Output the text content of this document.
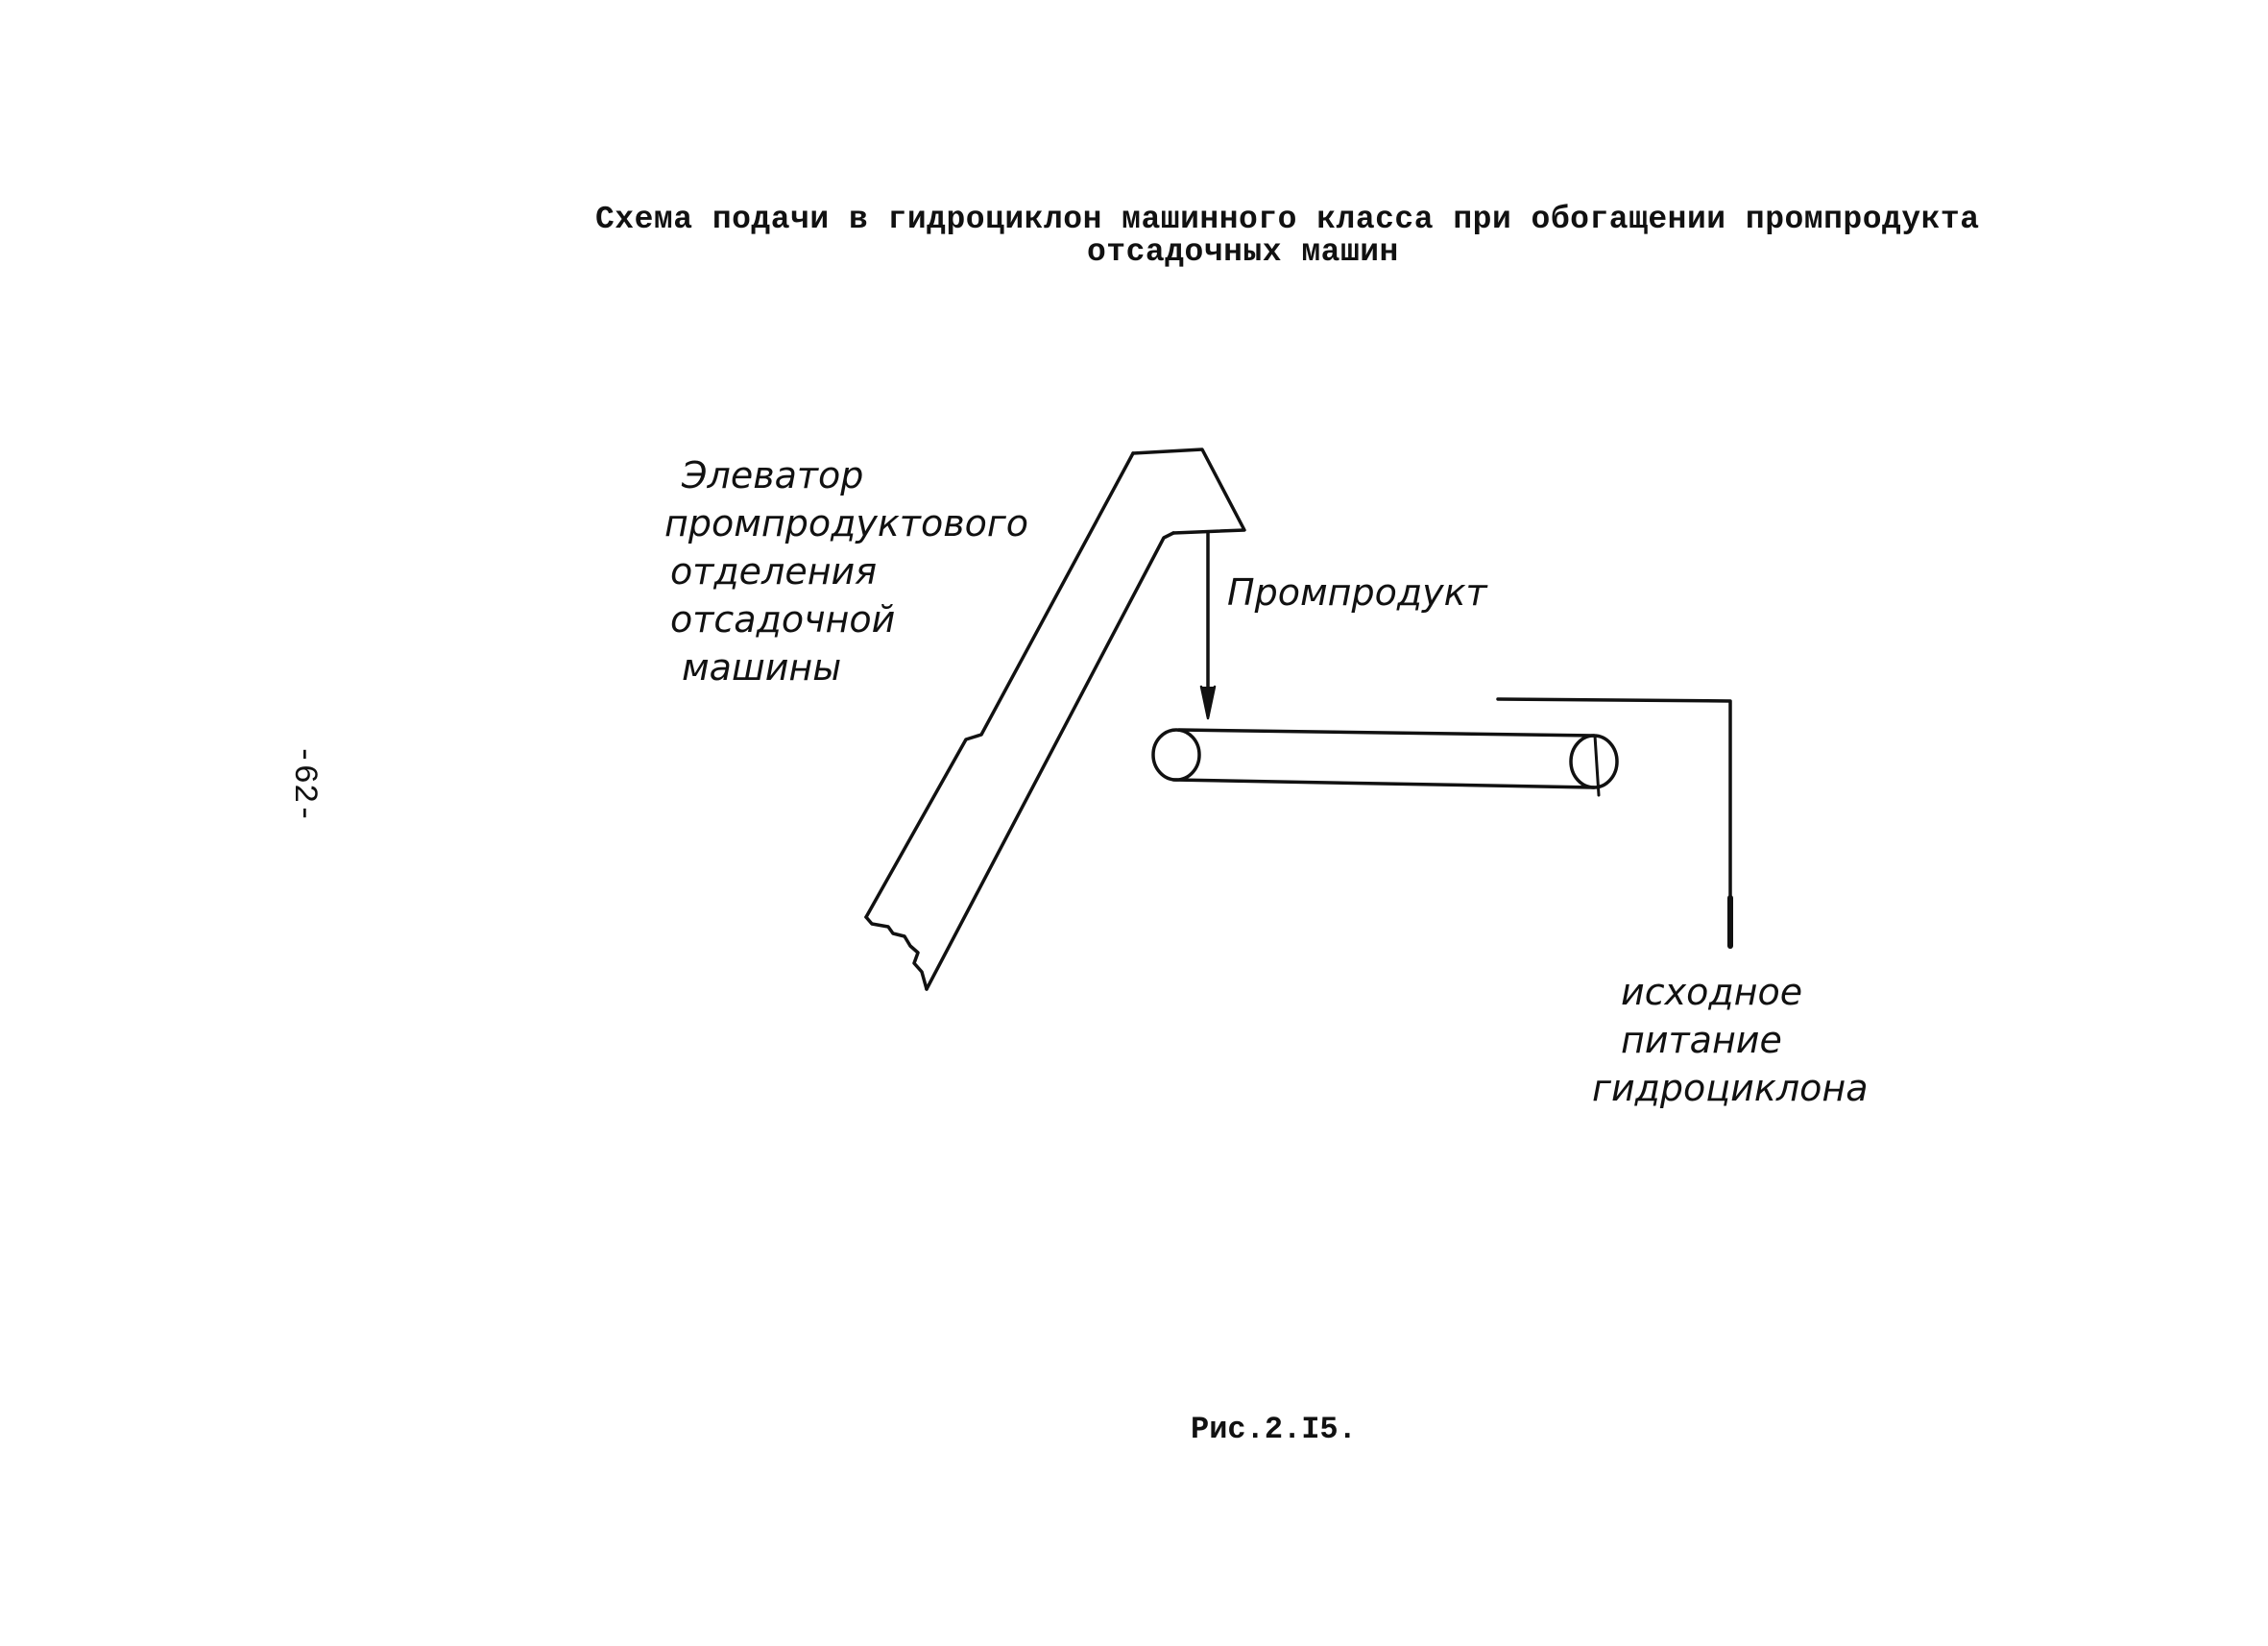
Схема подачи в гидроциклон машинного класса при обогащении промпродукта
отсадочных машин
-62-
Элеватор
промпродуктового
отделения
отсадочной
машины
Промпродукт
исходное
питание
гидроциклона
Рис.2.I5.
